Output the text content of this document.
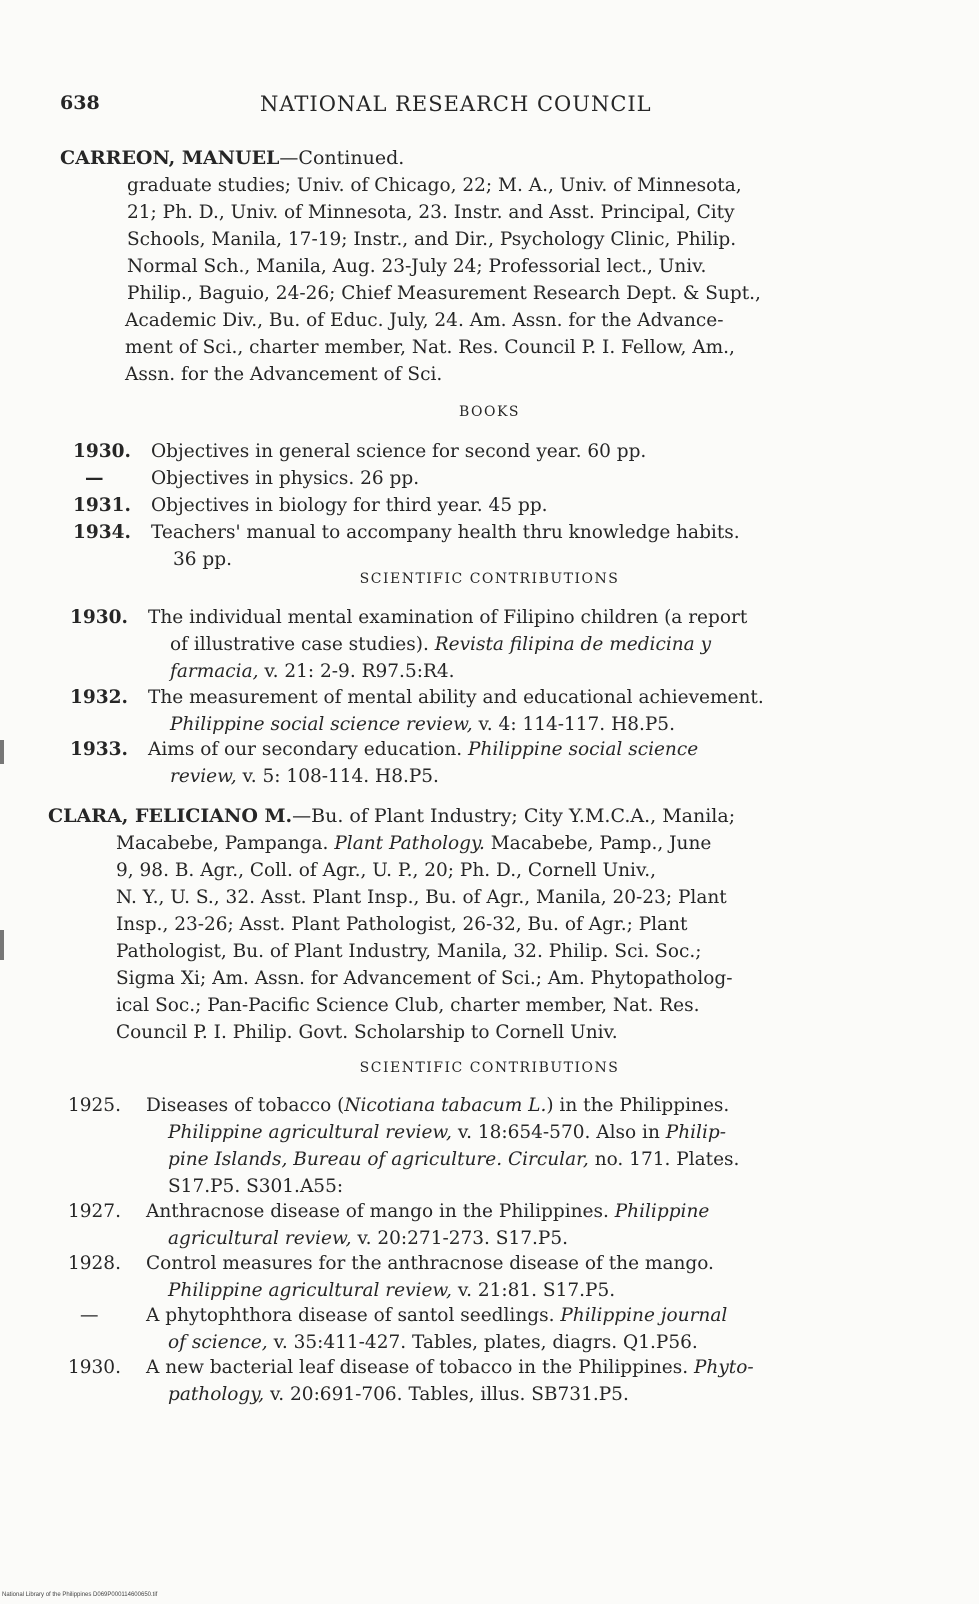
638	NATIONAL RESEARCH COUNCIL
CARREON, MANUEL—Continued.
graduate studies; Univ. of Chicago, 22; M. A., Univ. of Minnesota,
21; Ph. D., Univ. of Minnesota, 23. Instr. and Asst. Principal, City
Schools, Manila, 17-19; Instr., and Dir., Psychology Clinic, Philip.
Normal Sch., Manila, Aug. 23-July 24; Professorial lect., Univ.
Philip., Baguio, 24-26; Chief Measurement Research Dept. & Supt.,
Academic Div., Bu. of Educ. July, 24. Am. Assn. for the Advance-
ment of Sci., charter member, Nat. Res. Council P. I. Fellow, Am.,
Assn. for the Advancement of Sci.
BOOKS
1930.	Objectives in general science for second year. 60 pp.
—	Objectives in physics. 26 pp.
1931.	Objectives in biology for third year. 45 pp.
1934.	Teachers' manual to accompany health thru knowledge habits.
36 pp.
SCIENTIFIC CONTRIBUTIONS
1930.	The individual mental examination of Filipino children (a report
of illustrative case studies). Revista filipina de medicina y
farmacia, v. 21: 2-9. R97.5:R4.
1932.	The measurement of mental ability and educational achievement.
Philippine social science review, v. 4: 114-117. H8.P5.
1933.	Aims of our secondary education. Philippine social science
review, v. 5: 108-114. H8.P5.
CLARA, FELICIANO M.—Bu. of Plant Industry; City Y.M.C.A., Manila;
Macabebe, Pampanga. Plant Pathology. Macabebe, Pamp., June
9, 98. B. Agr., Coll. of Agr., U. P., 20; Ph. D., Cornell Univ.,
N. Y., U. S., 32. Asst. Plant Insp., Bu. of Agr., Manila, 20-23; Plant
Insp., 23-26; Asst. Plant Pathologist, 26-32, Bu. of Agr.; Plant
Pathologist, Bu. of Plant Industry, Manila, 32. Philip. Sci. Soc.;
Sigma Xi; Am. Assn. for Advancement of Sci.; Am. Phytopatholog-
ical Soc.; Pan-Pacific Science Club, charter member, Nat. Res.
Council P. I. Philip. Govt. Scholarship to Cornell Univ.
SCIENTIFIC CONTRIBUTIONS
1925.	Diseases of tobacco (Nicotiana tabacum L.) in the Philippines.
Philippine agricultural review, v. 18:654-570. Also in Philip-
pine Islands, Bureau of agriculture. Circular, no. 171. Plates.
S17.P5. S301.A55:
1927.	Anthracnose disease of mango in the Philippines. Philippine
agricultural review, v. 20:271-273. S17.P5.
1928.	Control measures for the anthracnose disease of the mango.
Philippine agricultural review, v. 21:81. S17.P5.
—	A phytophthora disease of santol seedlings. Philippine journal
of science, v. 35:411-427. Tables, plates, diagrs. Q1.P56.
1930.	A new bacterial leaf disease of tobacco in the Philippines. Phyto-
pathology, v. 20:691-706. Tables, illus. SB731.P5.
National Library of the Philippines D069P000114600650.tif
